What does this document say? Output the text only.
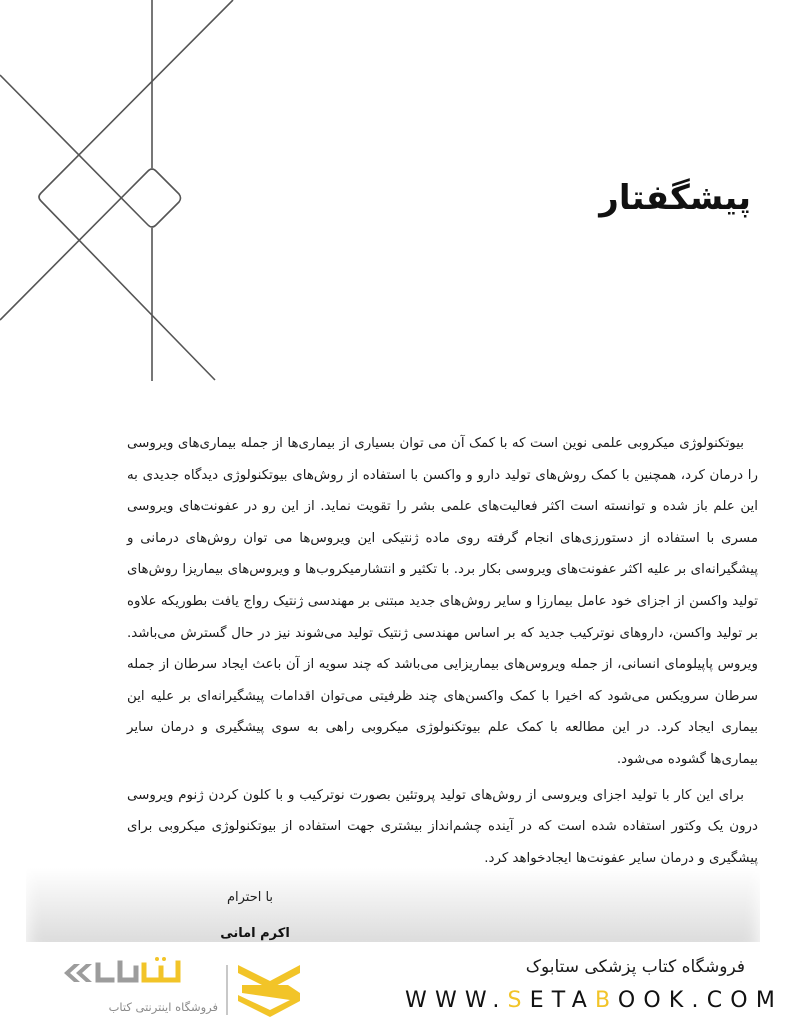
پیشگفتار

بیوتکنولوژی میکروبی علمی نوین است که با کمک آن می توان بسیاری از بیماری‌ها از جمله بیماری‌های ویروسی را درمان کرد، همچنین با کمک روش‌های تولید دارو و واکسن با استفاده از روش‌های بیوتکنولوژی دیدگاه جدیدی به این علم باز شده و توانسته است اکثر فعالیت‌های علمی بشر را تقویت نماید. از این رو در عفونت‌های ویروسی مسری با استفاده از دستورزی‌های انجام گرفته روی ماده ژنتیکی این ویروس‌ها می توان روش‌های درمانی و پیشگیرانه‌ای بر علیه اکثر عفونت‌های ویروسی بکار برد. با تکثیر و انتشارمیکروب‌ها و ویروس‌های بیماریزا روش‌های تولید واکسن از اجزای خود عامل بیمارزا و سایر روش‌های جدید مبتنی بر مهندسی ژنتیک رواج یافت بطوریکه علاوه بر تولید واکسن، داروهای نوترکیب جدید که بر اساس مهندسی ژنتیک تولید می‌شوند نیز در حال گسترش می‌باشد. ویروس پاپیلومای انسانی، از جمله ویروس‌های بیماریزایی می‌باشد که چند سویه از آن باعث ایجاد سرطان از جمله سرطان سرویکس می‌شود که اخیرا با کمک واکسن‌های چند ظرفیتی می‌توان اقدامات پیشگیرانه‌ای بر علیه این بیماری ایجاد کرد. در این مطالعه با کمک علم بیوتکنولوژی میکروبی راهی به سوی پیشگیری و درمان سایر بیماری‌ها گشوده می‌شود.

برای این کار با تولید اجزای ویروسی از روش‌های تولید پروتئین بصورت نوترکیب و با کلون کردن ژنوم ویروسی درون یک وکتور استفاده شده است که در آینده چشم‌انداز بیشتری جهت استفاده از بیوتکنولوژی میکروبی برای پیشگیری و درمان سایر عفونت‌ها ایجادخواهد کرد.

با احترام
اکرم امانی
فروشگاه اینترنتی کتاب
فروشگاه کتاب پزشکی ستابوک
WWW.SETABOOK.COM
